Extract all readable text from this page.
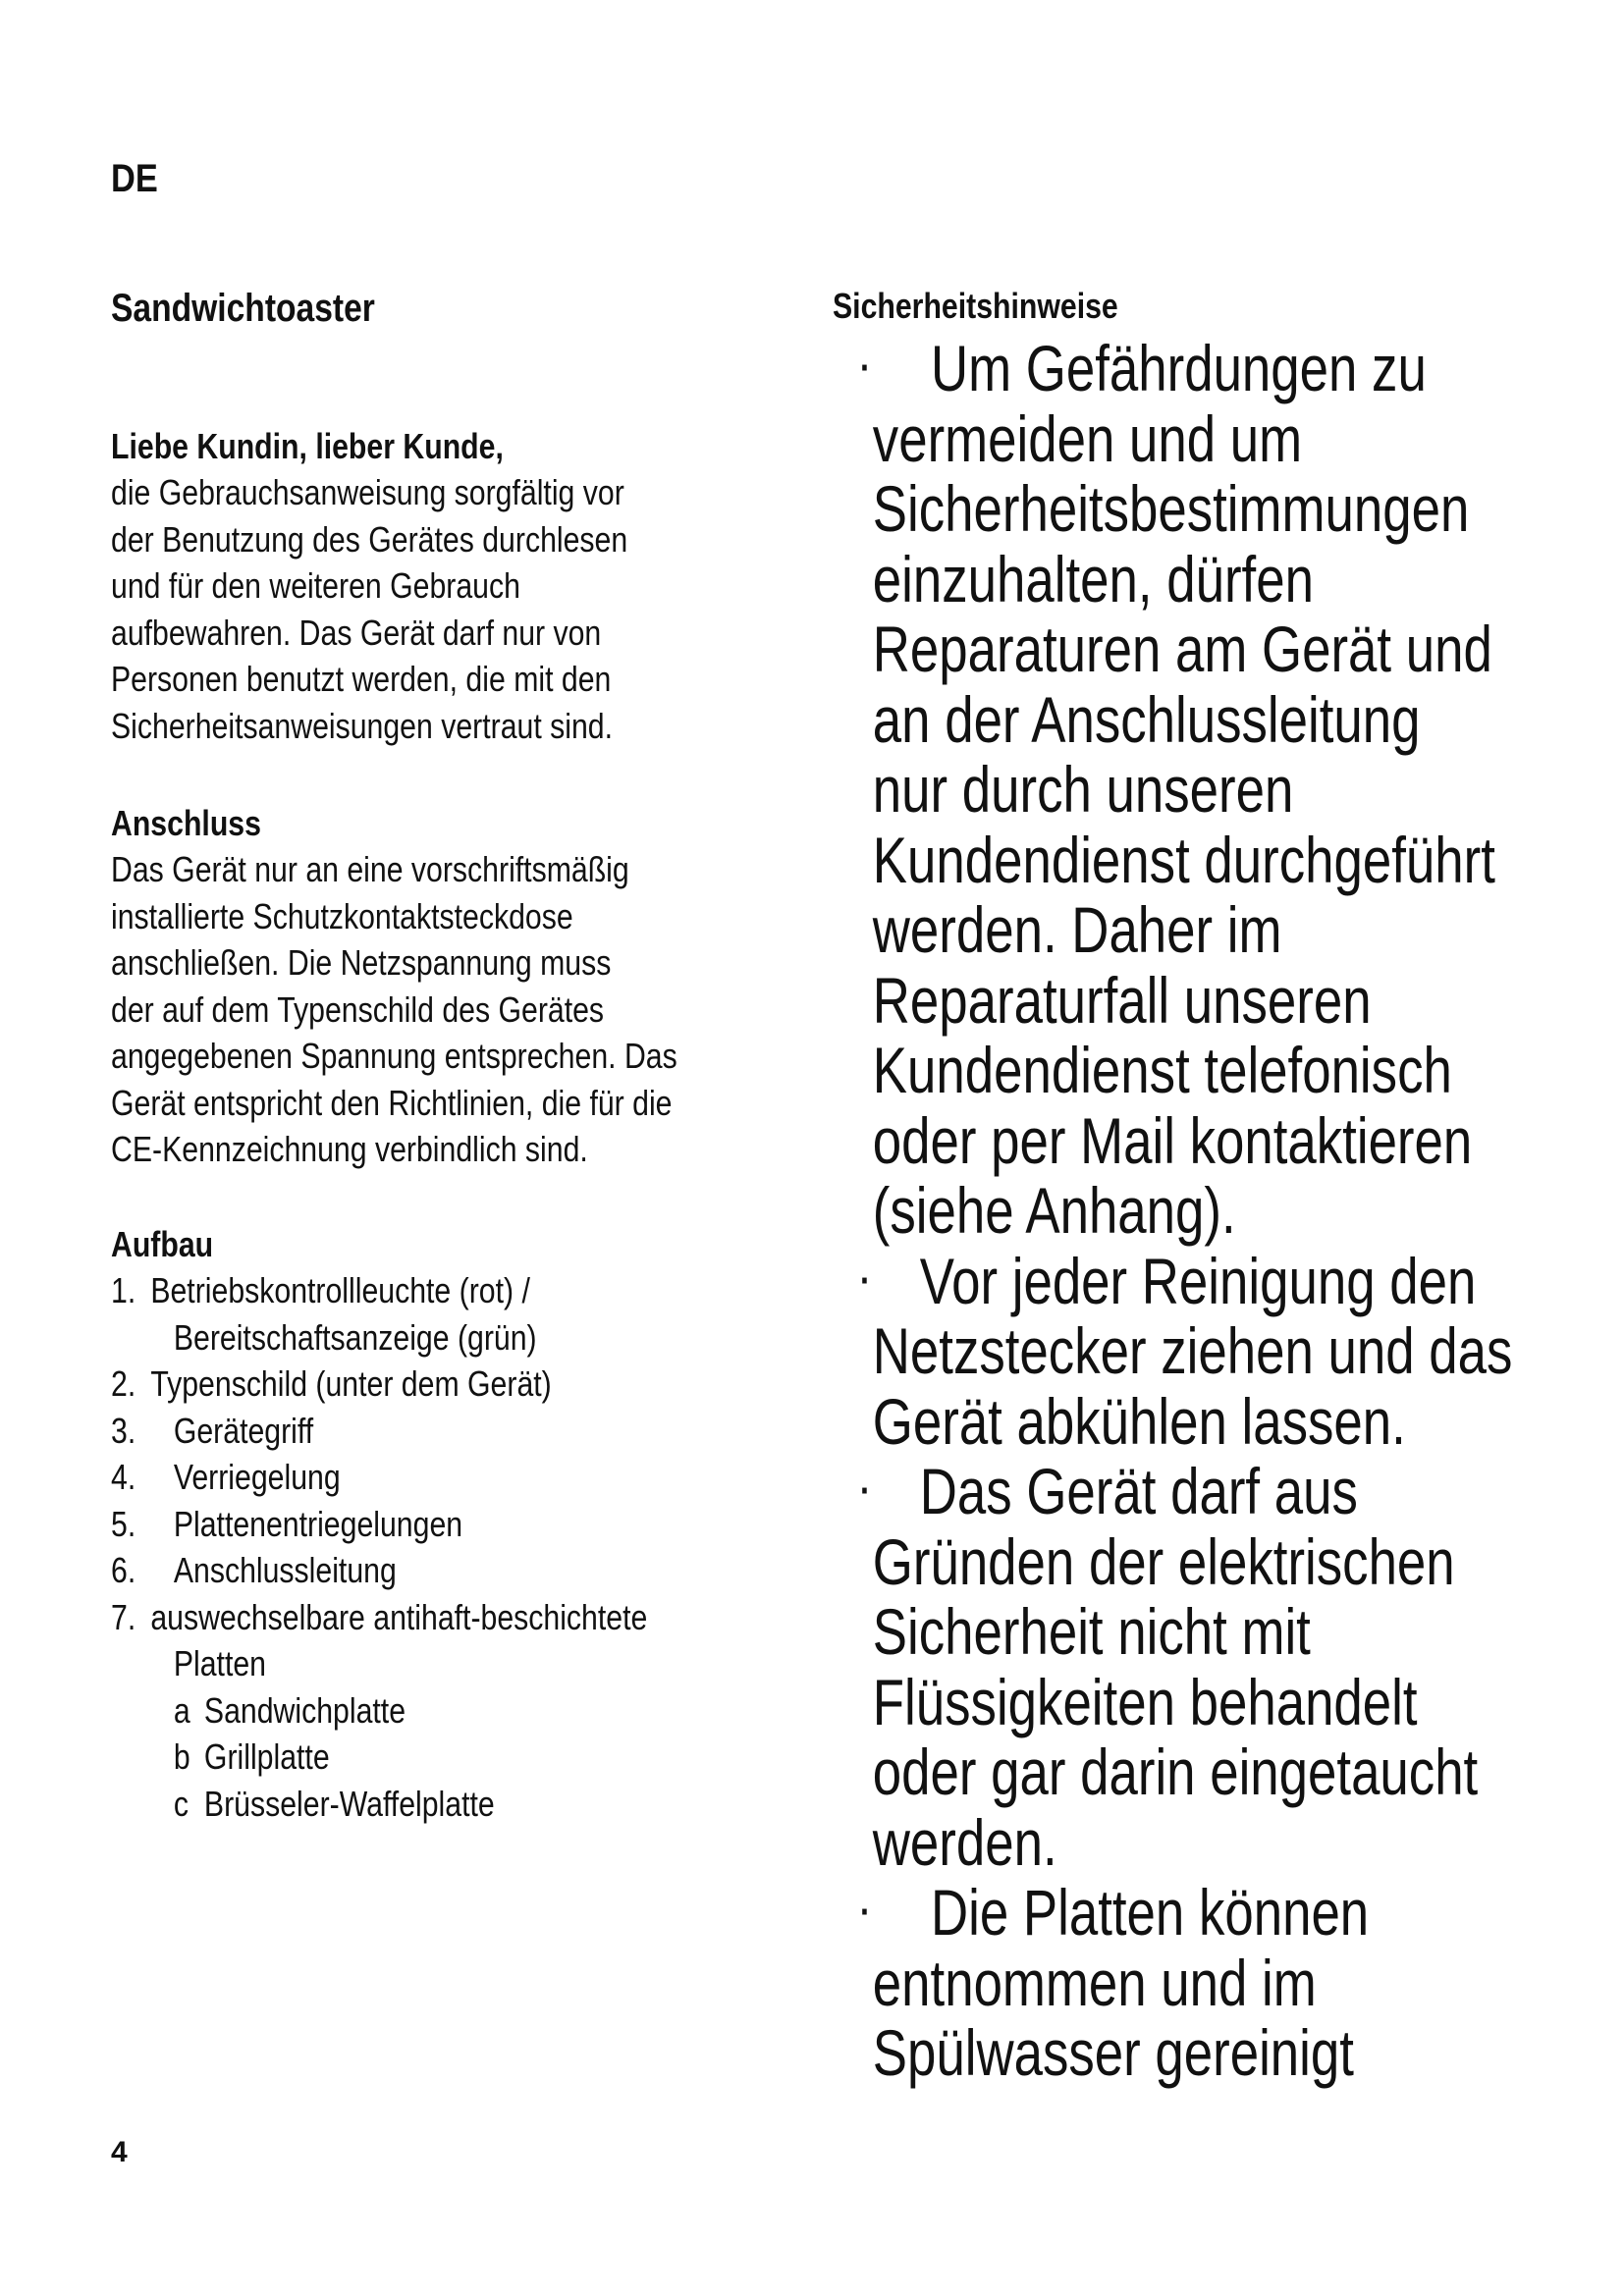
DE
Sandwichtoaster
Liebe Kundin, lieber Kunde,
die Gebrauchsanweisung sorgfältig vor
der Benutzung des Gerätes durchlesen
und für den weiteren Gebrauch
aufbewahren. Das Gerät darf nur von
Personen benutzt werden, die mit den
Sicherheitsanweisungen vertraut sind.
Anschluss
Das Gerät nur an eine vorschriftsmäßig
installierte Schutzkontaktsteckdose
anschließen. Die Netzspannung muss
der auf dem Typenschild des Gerätes
angegebenen Spannung entsprechen. Das
Gerät entspricht den Richtlinien, die für die
CE-Kennzeichnung verbindlich sind.
Aufbau
1. Betriebskontrollleuchte (rot) /
Bereitschaftsanzeige (grün)
2. Typenschild (unter dem Gerät)
3. Gerätegriff
4. Verriegelung
5. Plattenentriegelungen
6. Anschlussleitung
7. auswechselbare antihaft-beschichtete
Platten
a Sandwichplatte
b Grillplatte
c Brüsseler-Waffelplatte
Sicherheitshinweise
· Um Gefährdungen zu
vermeiden und um
Sicherheitsbestimmungen
einzuhalten, dürfen
Reparaturen am Gerät und
an der Anschlussleitung
nur durch unseren
Kundendienst durchgeführt
werden. Daher im
Reparaturfall unseren
Kundendienst telefonisch
oder per Mail kontaktieren
(siehe Anhang).
· Vor jeder Reinigung den
Netzstecker ziehen und das
Gerät abkühlen lassen.
· Das Gerät darf aus
Gründen der elektrischen
Sicherheit nicht mit
Flüssigkeiten behandelt
oder gar darin eingetaucht
werden.
· Die Platten können
entnommen und im
Spülwasser gereinigt
4
